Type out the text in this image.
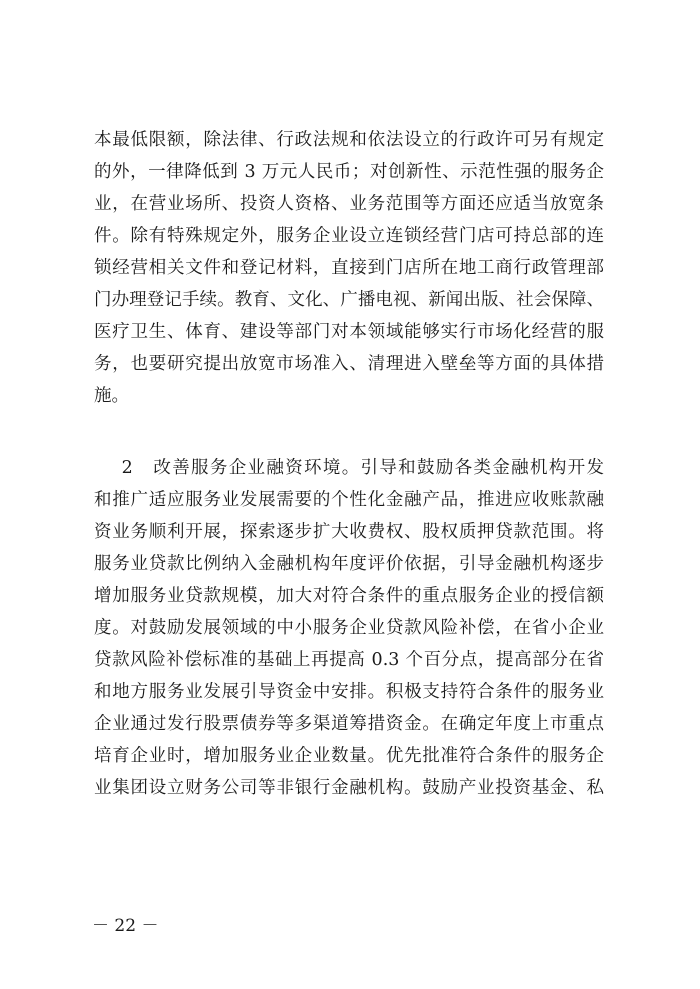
本最低限额，除法律、行政法规和依法设立的行政许可另有规定
的外，一律降低到 3 万元人民币；对创新性、示范性强的服务企
业，在营业场所、投资人资格、业务范围等方面还应适当放宽条
件。除有特殊规定外，服务企业设立连锁经营门店可持总部的连
锁经营相关文件和登记材料，直接到门店所在地工商行政管理部
门办理登记手续。教育、文化、广播电视、新闻出版、社会保障、
医疗卫生、体育、建设等部门对本领域能够实行市场化经营的服
务，也要研究提出放宽市场准入、清理进入壁垒等方面的具体措
施。
2   改善服务企业融资环境。引导和鼓励各类金融机构开发
和推广适应服务业发展需要的个性化金融产品，推进应收账款融
资业务顺利开展，探索逐步扩大收费权、股权质押贷款范围。将
服务业贷款比例纳入金融机构年度评价依据，引导金融机构逐步
增加服务业贷款规模，加大对符合条件的重点服务企业的授信额
度。对鼓励发展领域的中小服务企业贷款风险补偿，在省小企业
贷款风险补偿标准的基础上再提高 0.3 个百分点，提高部分在省
和地方服务业发展引导资金中安排。积极支持符合条件的服务业
企业通过发行股票债券等多渠道筹措资金。在确定年度上市重点
培育企业时，增加服务业企业数量。优先批准符合条件的服务企
业集团设立财务公司等非银行金融机构。鼓励产业投资基金、私
－ 22 －
